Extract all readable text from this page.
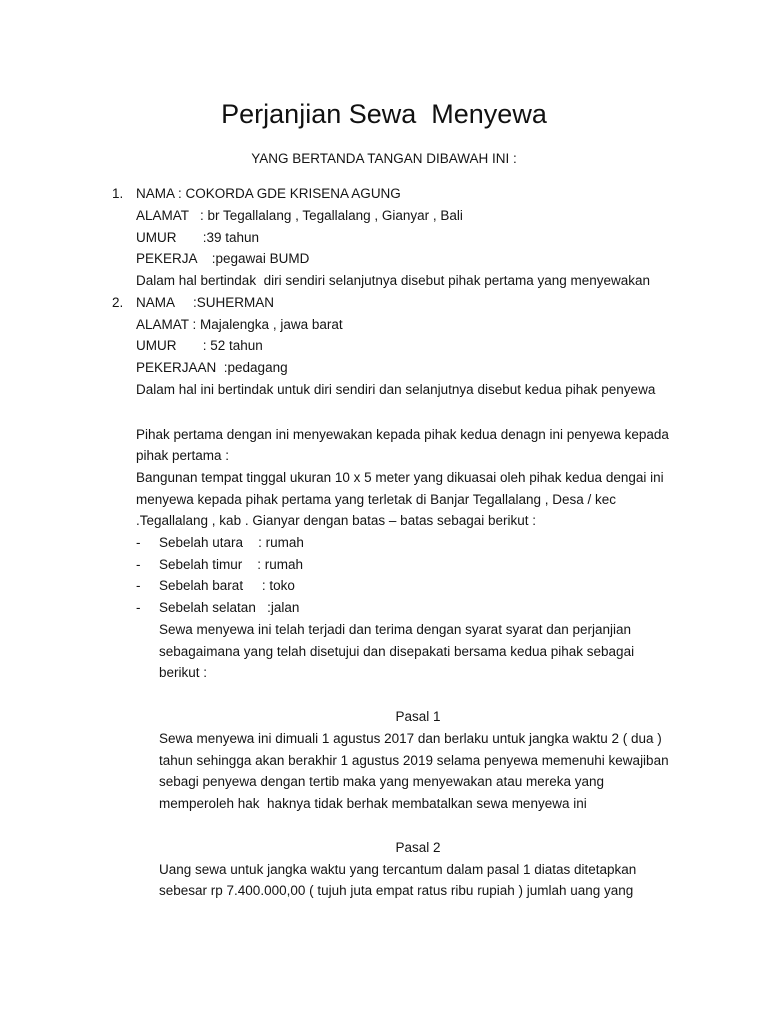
Perjanjian Sewa  Menyewa
YANG BERTANDA TANGAN DIBAWAH INI :
1. NAMA : COKORDA GDE KRISENA AGUNG
ALAMAT   : br Tegallalang , Tegallalang , Gianyar , Bali
UMUR       :39 tahun
PEKERJA    :pegawai BUMD
Dalam hal bertindak  diri sendiri selanjutnya disebut pihak pertama yang menyewakan
2. NAMA     :SUHERMAN
ALAMAT : Majalengka , jawa barat
UMUR       : 52 tahun
PEKERJAAN  :pedagang
Dalam hal ini bertindak untuk diri sendiri dan selanjutnya disebut kedua pihak penyewa
Pihak pertama dengan ini menyewakan kepada pihak kedua denagn ini penyewa kepada
pihak pertama :
Bangunan tempat tinggal ukuran 10 x 5 meter yang dikuasai oleh pihak kedua dengai ini
menyewa kepada pihak pertama yang terletak di Banjar Tegallalang , Desa / kec
.Tegallalang , kab . Gianyar dengan batas – batas sebagai berikut :
- Sebelah utara    : rumah
- Sebelah timur    : rumah
- Sebelah barat     : toko
- Sebelah selatan   :jalan
Sewa menyewa ini telah terjadi dan terima dengan syarat syarat dan perjanjian
sebagaimana yang telah disetujui dan disepakati bersama kedua pihak sebagai
berikut :
Pasal 1
Sewa menyewa ini dimuali 1 agustus 2017 dan berlaku untuk jangka waktu 2 ( dua )
tahun sehingga akan berakhir 1 agustus 2019 selama penyewa memenuhi kewajiban
sebagi penyewa dengan tertib maka yang menyewakan atau mereka yang
memperoleh hak  haknya tidak berhak membatalkan sewa menyewa ini
Pasal 2
Uang sewa untuk jangka waktu yang tercantum dalam pasal 1 diatas ditetapkan
sebesar rp 7.400.000,00 ( tujuh juta empat ratus ribu rupiah ) jumlah uang yang
